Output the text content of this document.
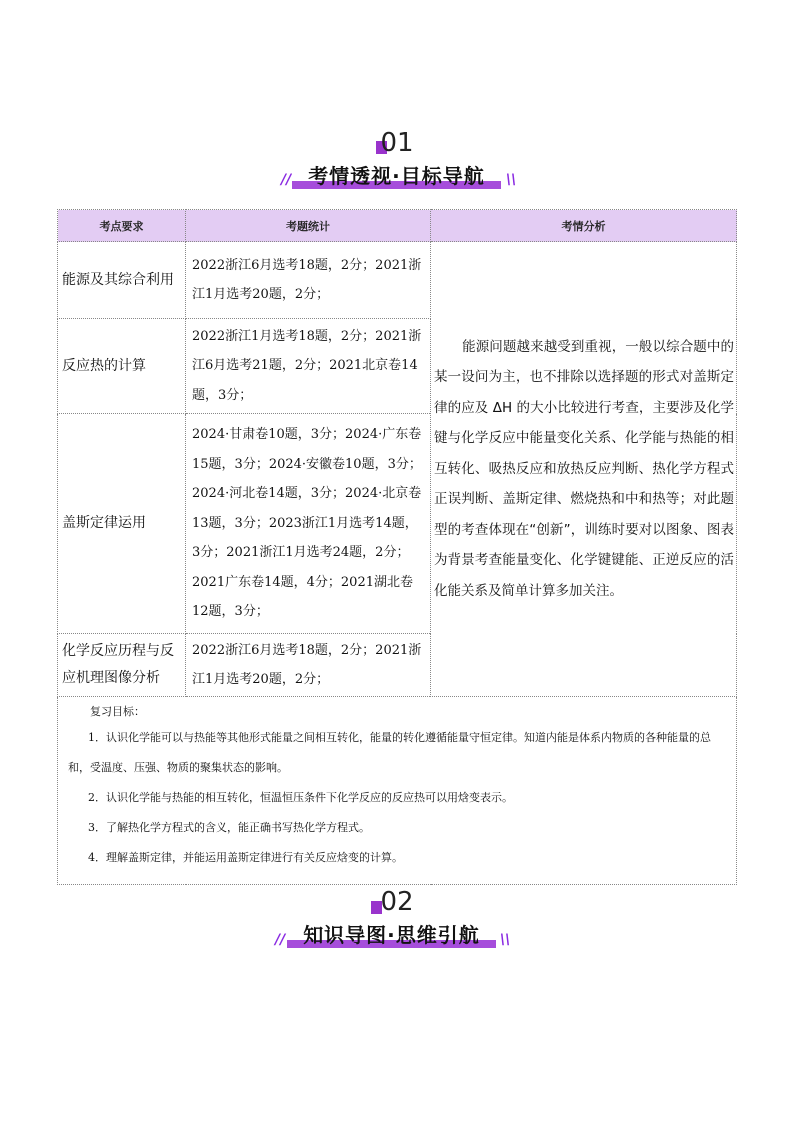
01
// 考情透视·目标导航	\\
考点要求	考题统计	考情分析
能源及其综合利用	2022浙江6月选考18题，2分；2021浙江1月选考20题，2分；	能源问题越来越受到重视，一般以综合题中的某一设问为主，也不排除以选择题的形式对盖斯定律的应及 ΔH 的大小比较进行考查，主要涉及化学键与化学反应中能量变化关系、化学能与热能的相互转化、吸热反应和放热反应判断、热化学方程式正误判断、盖斯定律、燃烧热和中和热等；对此题型的考查体现在“创新”，训练时要对以图象、图表为背景考查能量变化、化学键键能、正逆反应的活化能关系及简单计算多加关注。
反应热的计算	2022浙江1月选考18题，2分；2021浙江6月选考21题，2分；2021北京卷14题，3分；	
盖斯定律运用	2024·甘肃卷10题，3分；2024·广东卷15题，3分；2024·安徽卷10题，3分；2024·河北卷14题，3分；2024·北京卷13题，3分；2023浙江1月选考14题，3分；2021浙江1月选考24题，2分；2021广东卷14题，4分；2021湖北卷12题，3分；	
化学反应历程与反应机理图像分析	2022浙江6月选考18题，2分；2021浙江1月选考20题，2分；	

复习目标：
1．认识化学能可以与热能等其他形式能量之间相互转化，能量的转化遵循能量守恒定律。知道内能是体系内物质的各种能量的总和，受温度、压强、物质的聚集状态的影响。
2．认识化学能与热能的相互转化，恒温恒压条件下化学反应的反应热可以用焓变表示。
3．了解热化学方程式的含义，能正确书写热化学方程式。
4．理解盖斯定律，并能运用盖斯定律进行有关反应焓变的计算。		
02
// 知识导图·思维引航	\\
